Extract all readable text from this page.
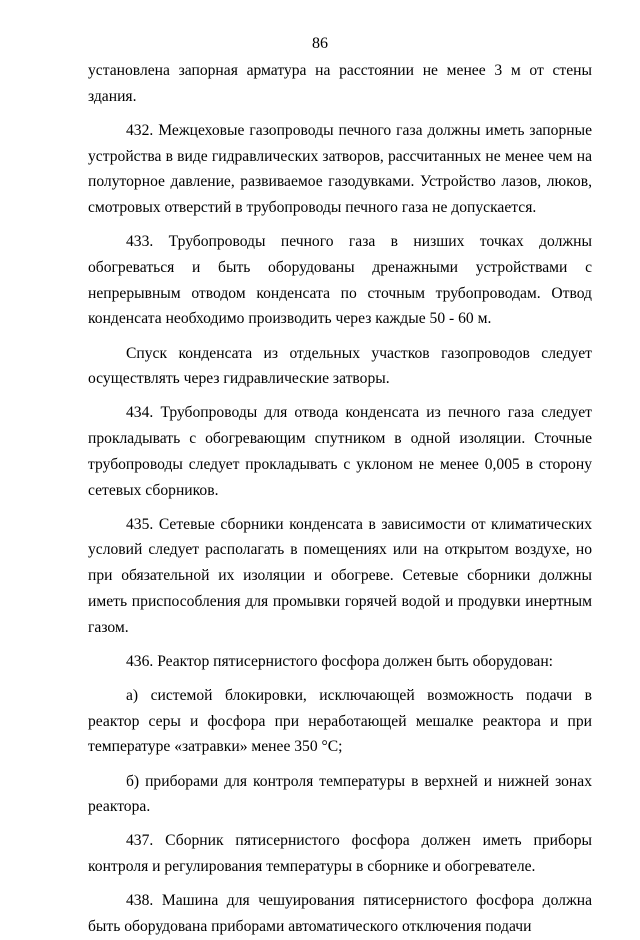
86

установлена запорная арматура на расстоянии не менее 3 м от стены здания.

432. Межцеховые газопроводы печного газа должны иметь запорные устройства в виде гидравлических затворов, рассчитанных не менее чем на полуторное давление, развиваемое газодувками. Устройство лазов, люков, смотровых отверстий в трубопроводы печного газа не допускается.

433. Трубопроводы печного газа в низших точках должны обогреваться и быть оборудованы дренажными устройствами с непрерывным отводом конденсата по сточным трубопроводам. Отвод конденсата необходимо производить через каждые 50 - 60 м.

Спуск конденсата из отдельных участков газопроводов следует осуществлять через гидравлические затворы.

434. Трубопроводы для отвода конденсата из печного газа следует прокладывать с обогревающим спутником в одной изоляции. Сточные трубопроводы следует прокладывать с уклоном не менее 0,005 в сторону сетевых сборников.

435. Сетевые сборники конденсата в зависимости от климатических условий следует располагать в помещениях или на открытом воздухе, но при обязательной их изоляции и обогреве. Сетевые сборники должны иметь приспособления для промывки горячей водой и продувки инертным газом.

436. Реактор пятисернистого фосфора должен быть оборудован:

а) системой блокировки, исключающей возможность подачи в реактор серы и фосфора при неработающей мешалке реактора и при температуре «затравки» менее 350 °С;

б) приборами для контроля температуры в верхней и нижней зонах реактора.

437. Сборник пятисернистого фосфора должен иметь приборы контроля и регулирования температуры в сборнике и обогревателе.

438. Машина для чешуирования пятисернистого фосфора должна быть оборудована приборами автоматического отключения подачи
